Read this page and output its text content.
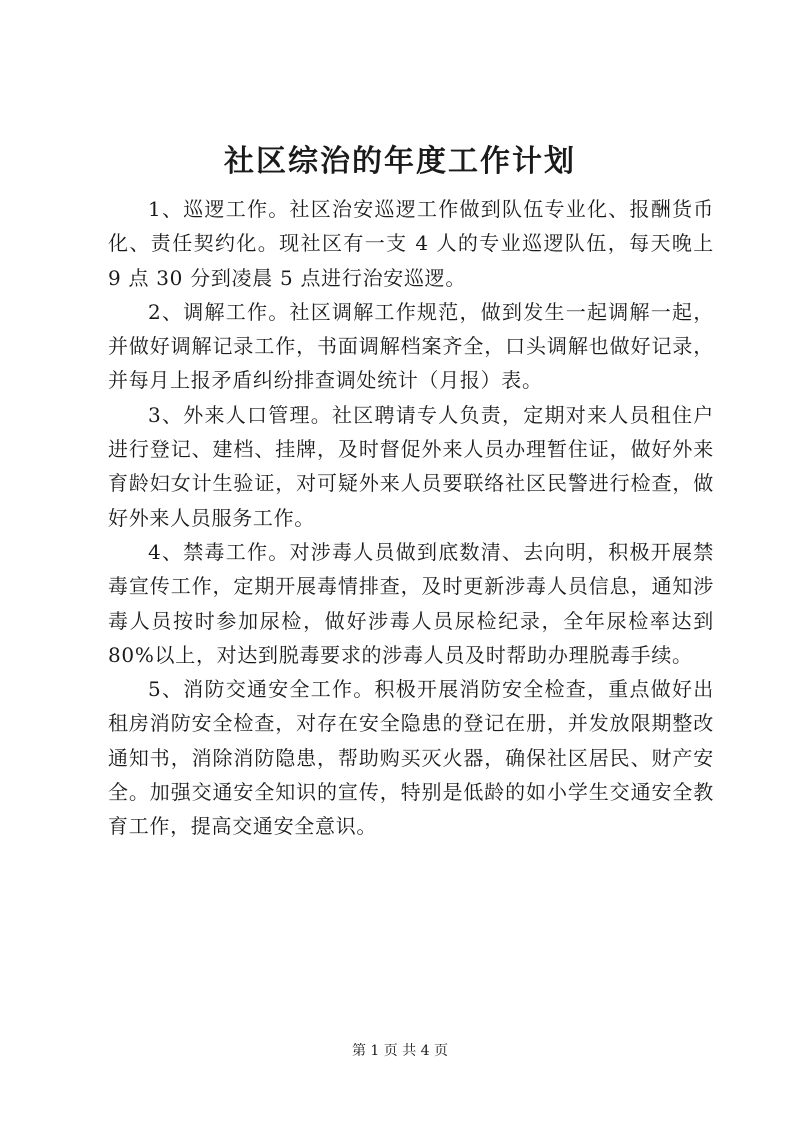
社区综治的年度工作计划

1、巡逻工作。社区治安巡逻工作做到队伍专业化、报酬货币化、责任契约化。现社区有一支 4 人的专业巡逻队伍，每天晚上 9 点 30 分到凌晨 5 点进行治安巡逻。

2、调解工作。社区调解工作规范，做到发生一起调解一起，并做好调解记录工作，书面调解档案齐全，口头调解也做好记录，并每月上报矛盾纠纷排查调处统计（月报）表。

3、外来人口管理。社区聘请专人负责，定期对来人员租住户进行登记、建档、挂牌，及时督促外来人员办理暂住证，做好外来育龄妇女计生验证，对可疑外来人员要联络社区民警进行检查，做好外来人员服务工作。

4、禁毒工作。对涉毒人员做到底数清、去向明，积极开展禁毒宣传工作，定期开展毒情排查，及时更新涉毒人员信息，通知涉毒人员按时参加尿检，做好涉毒人员尿检纪录，全年尿检率达到 80%以上，对达到脱毒要求的涉毒人员及时帮助办理脱毒手续。

5、消防交通安全工作。积极开展消防安全检查，重点做好出租房消防安全检查，对存在安全隐患的登记在册，并发放限期整改通知书，消除消防隐患，帮助购买灭火器，确保社区居民、财产安全。加强交通安全知识的宣传，特别是低龄的如小学生交通安全教育工作，提高交通安全意识。

第 1 页 共 4 页
